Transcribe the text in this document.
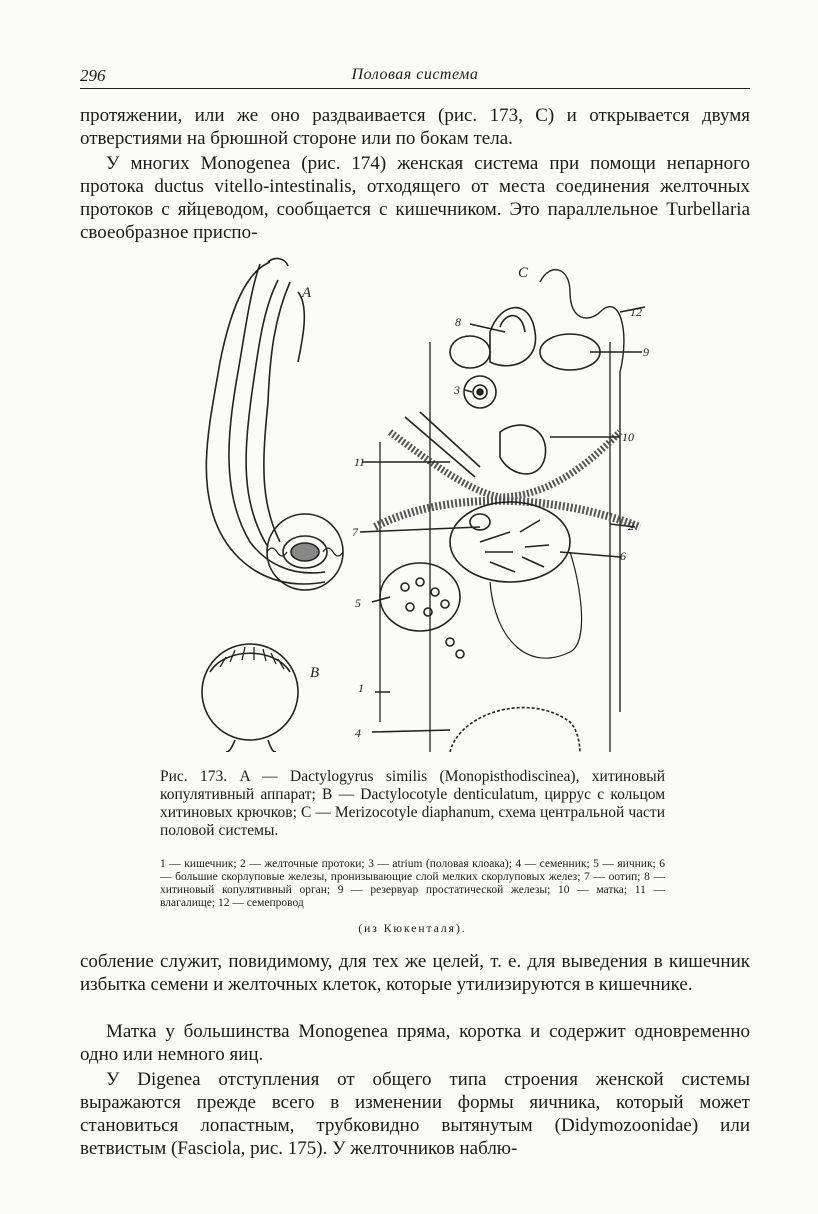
296	Половая система
протяжении, или же оно раздваивается (рис. 173, C) и открывается двумя отверстиями на брюшной стороне или по бокам тела.
У многих Monogenea (рис. 174) женская система при помощи непарного протока ductus vitello-intestinalis, отходящего от места соединения желточных протоков с яйцеводом, сообщается с кишечником. Это параллельное Turbellaria своеобразное приспо-
A
B
C
1
2
3
4
5
6
7
8
9
10
11
12
Рис. 173. A — Dactylogyrus similis (Monopisthodiscinea), хитиновый копулятивный аппарат; B — Dactylocotyle denticulatum, циррус с кольцом хитиновых крючков; C — Merizocotyle diaphanum, схема центральной части половой системы.
1 — кишечник; 2 — желточные протоки; 3 — atrium (половая клоака); 4 — семенник; 5 — яичник; 6 — большие скорлуповые железы, пронизывающие слой мелких скорлуповых желез; 7 — оотип; 8 — хитиновый копулятивный орган; 9 — резервуар простатической железы; 10 — матка; 11 — влагалище; 12 — семепровод
(из Кюкенталя).
собление служит, повидимому, для тех же целей, т. е. для выведения в кишечник избытка семени и желточных клеток, которые утилизируются в кишечнике.
Матка у большинства Monogenea пряма, коротка и содержит одновременно одно или немного яиц.
У Digenea отступления от общего типа строения женской системы выражаются прежде всего в изменении формы яичника, который может становиться лопастным, трубковидно вытянутым (Didymozoonidae) или ветвистым (Fasciola, рис. 175). У желточников наблю-
